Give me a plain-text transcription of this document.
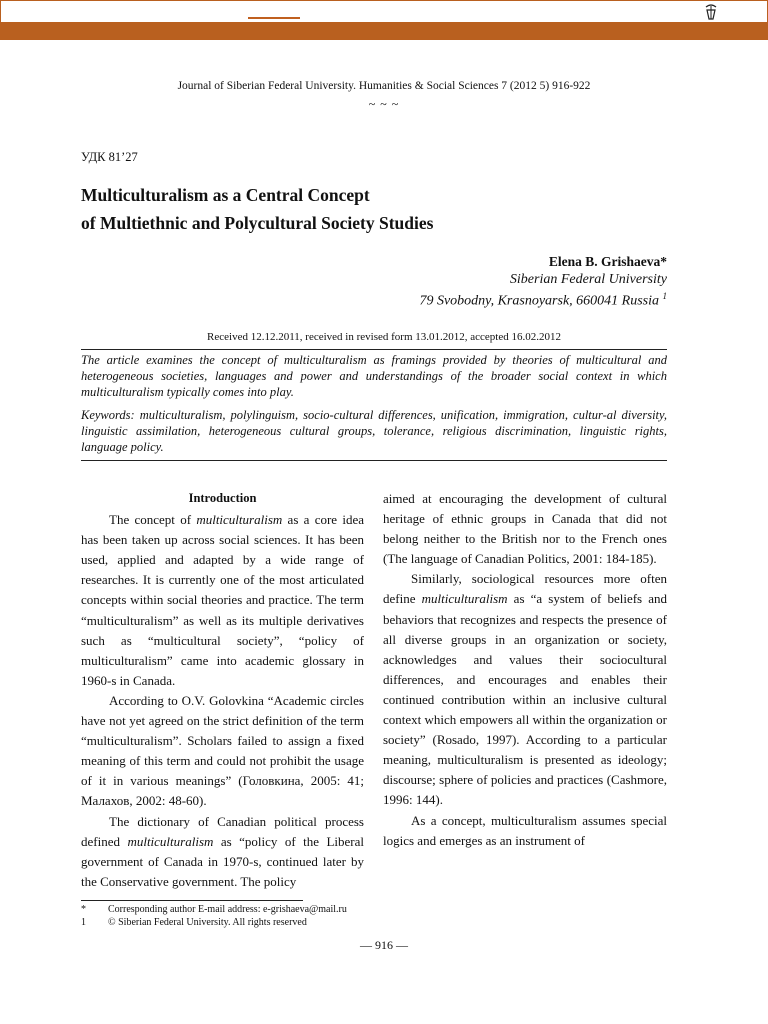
Journal of Siberian Federal University. Humanities & Social Sciences 7 (2012 5) 916-922
~ ~ ~
УДК 81’27
Multiculturalism as a Central Concept
of Multiethnic and Polycultural Society Studies
Elena B. Grishaeva*
Siberian Federal University
79 Svobodny, Krasnoyarsk, 660041 Russia $^1$
Received 12.12.2011, received in revised form 13.01.2012, accepted 16.02.2012
The article examines the concept of multiculturalism as framings provided by theories of multicultural and heterogeneous societies, languages and power and understandings of the broader social context in which multiculturalism typically comes into play.
Keywords: multiculturalism, polylinguism, socio-cultural differences, unification, immigration, cultur-al diversity, linguistic assimilation, heterogeneous cultural groups, tolerance, religious discrimination, linguistic rights, language policy.
Introduction

The concept of multiculturalism as a core idea has been taken up across social sciences. It has been used, applied and adapted by a wide range of researches. It is currently one of the most articulated concepts within social theories and practice. The term “multiculturalism” as well as its multiple derivatives such as “multicultural society”, “policy of multiculturalism” came into academic glossary in 1960-s in Canada.

According to O.V. Golovkina “Academic circles have not yet agreed on the strict definition of the term “multiculturalism”. Scholars failed to assign a fixed meaning of this term and could not prohibit the usage of it in various meanings” (Головкина, 2005: 41; Малахов, 2002: 48-60).

The dictionary of Canadian political process defined multiculturalism as “policy of the Liberal government of Canada in 1970-s, continued later by the Conservative government. The policy

aimed at encouraging the development of cultural heritage of ethnic groups in Canada that did not belong neither to the British nor to the French ones (The language of Canadian Politics, 2001: 184-185).

Similarly, sociological resources more often define multiculturalism as “a system of beliefs and behaviors that recognizes and respects the presence of all diverse groups in an organization or society, acknowledges and values their sociocultural differences, and encourages and enables their continued contribution within an inclusive cultural context which empowers all within the organization or society” (Rosado, 1997). According to a particular meaning, multiculturalism is presented as ideology; discourse; sphere of policies and practices (Cashmore, 1996: 144).

As a concept, multiculturalism assumes special logics and emerges as an instrument of

* Corresponding author E-mail address: e-grishaeva@mail.ru
1 © Siberian Federal University. All rights reserved
— 916 —
